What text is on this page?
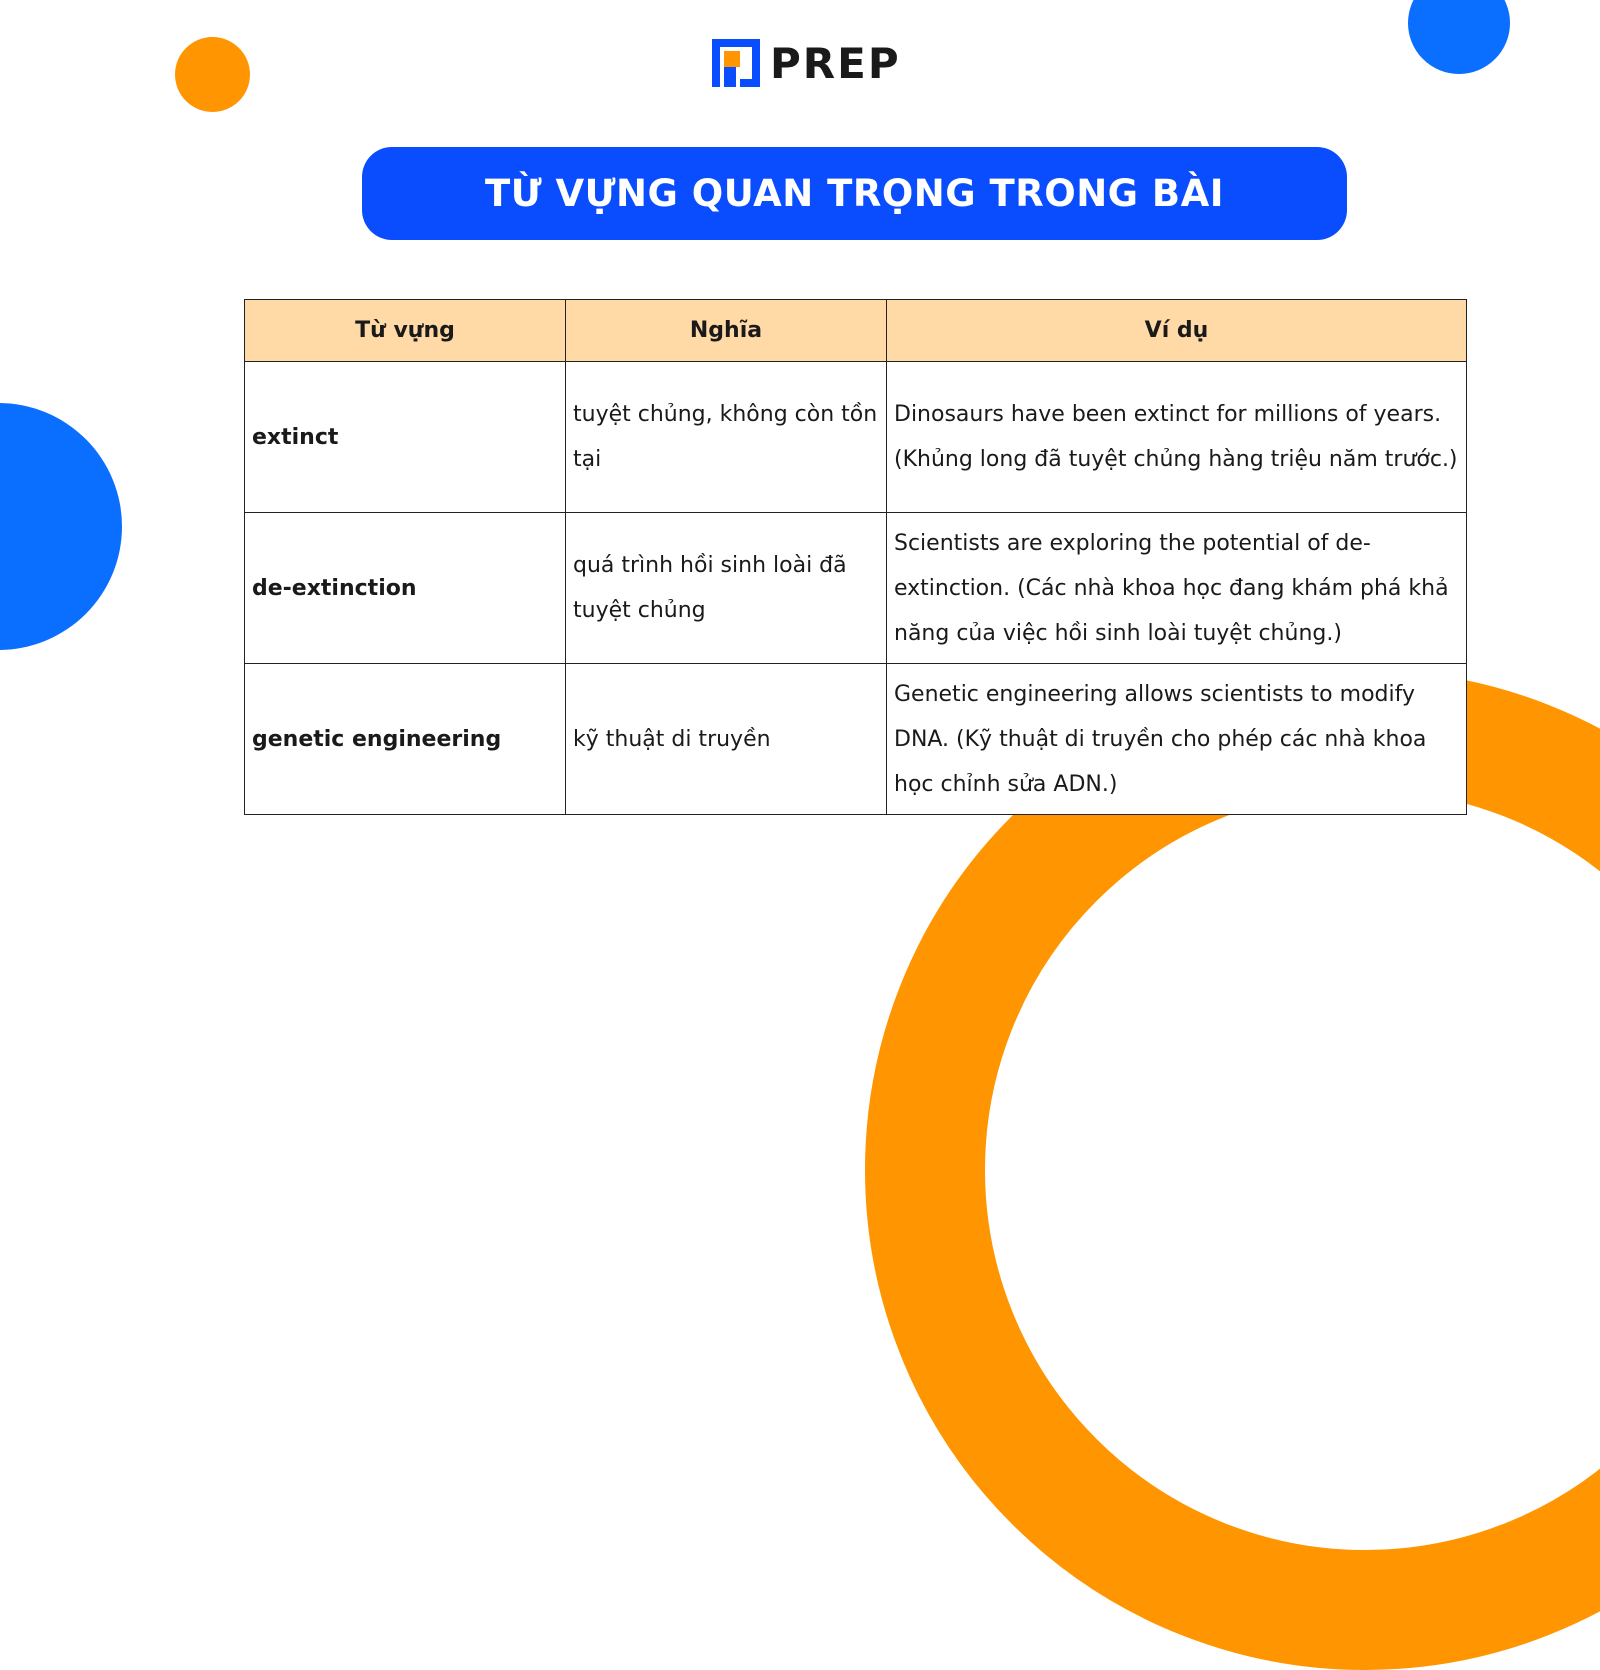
PREP
TỪ VỰNG QUAN TRỌNG TRONG BÀI
Từ vựng	Nghĩa	Ví dụ
extinct	tuyệt chủng, không còn tồn tại	Dinosaurs have been extinct for millions of years. (Khủng long đã tuyệt chủng hàng triệu năm trước.)
de-extinction	quá trình hồi sinh loài đã tuyệt chủng	Scientists are exploring the potential of de-extinction. (Các nhà khoa học đang khám phá khả năng của việc hồi sinh loài tuyệt chủng.)
genetic engineering	kỹ thuật di truyền	Genetic engineering allows scientists to modify DNA. (Kỹ thuật di truyền cho phép các nhà khoa học chỉnh sửa ADN.)
